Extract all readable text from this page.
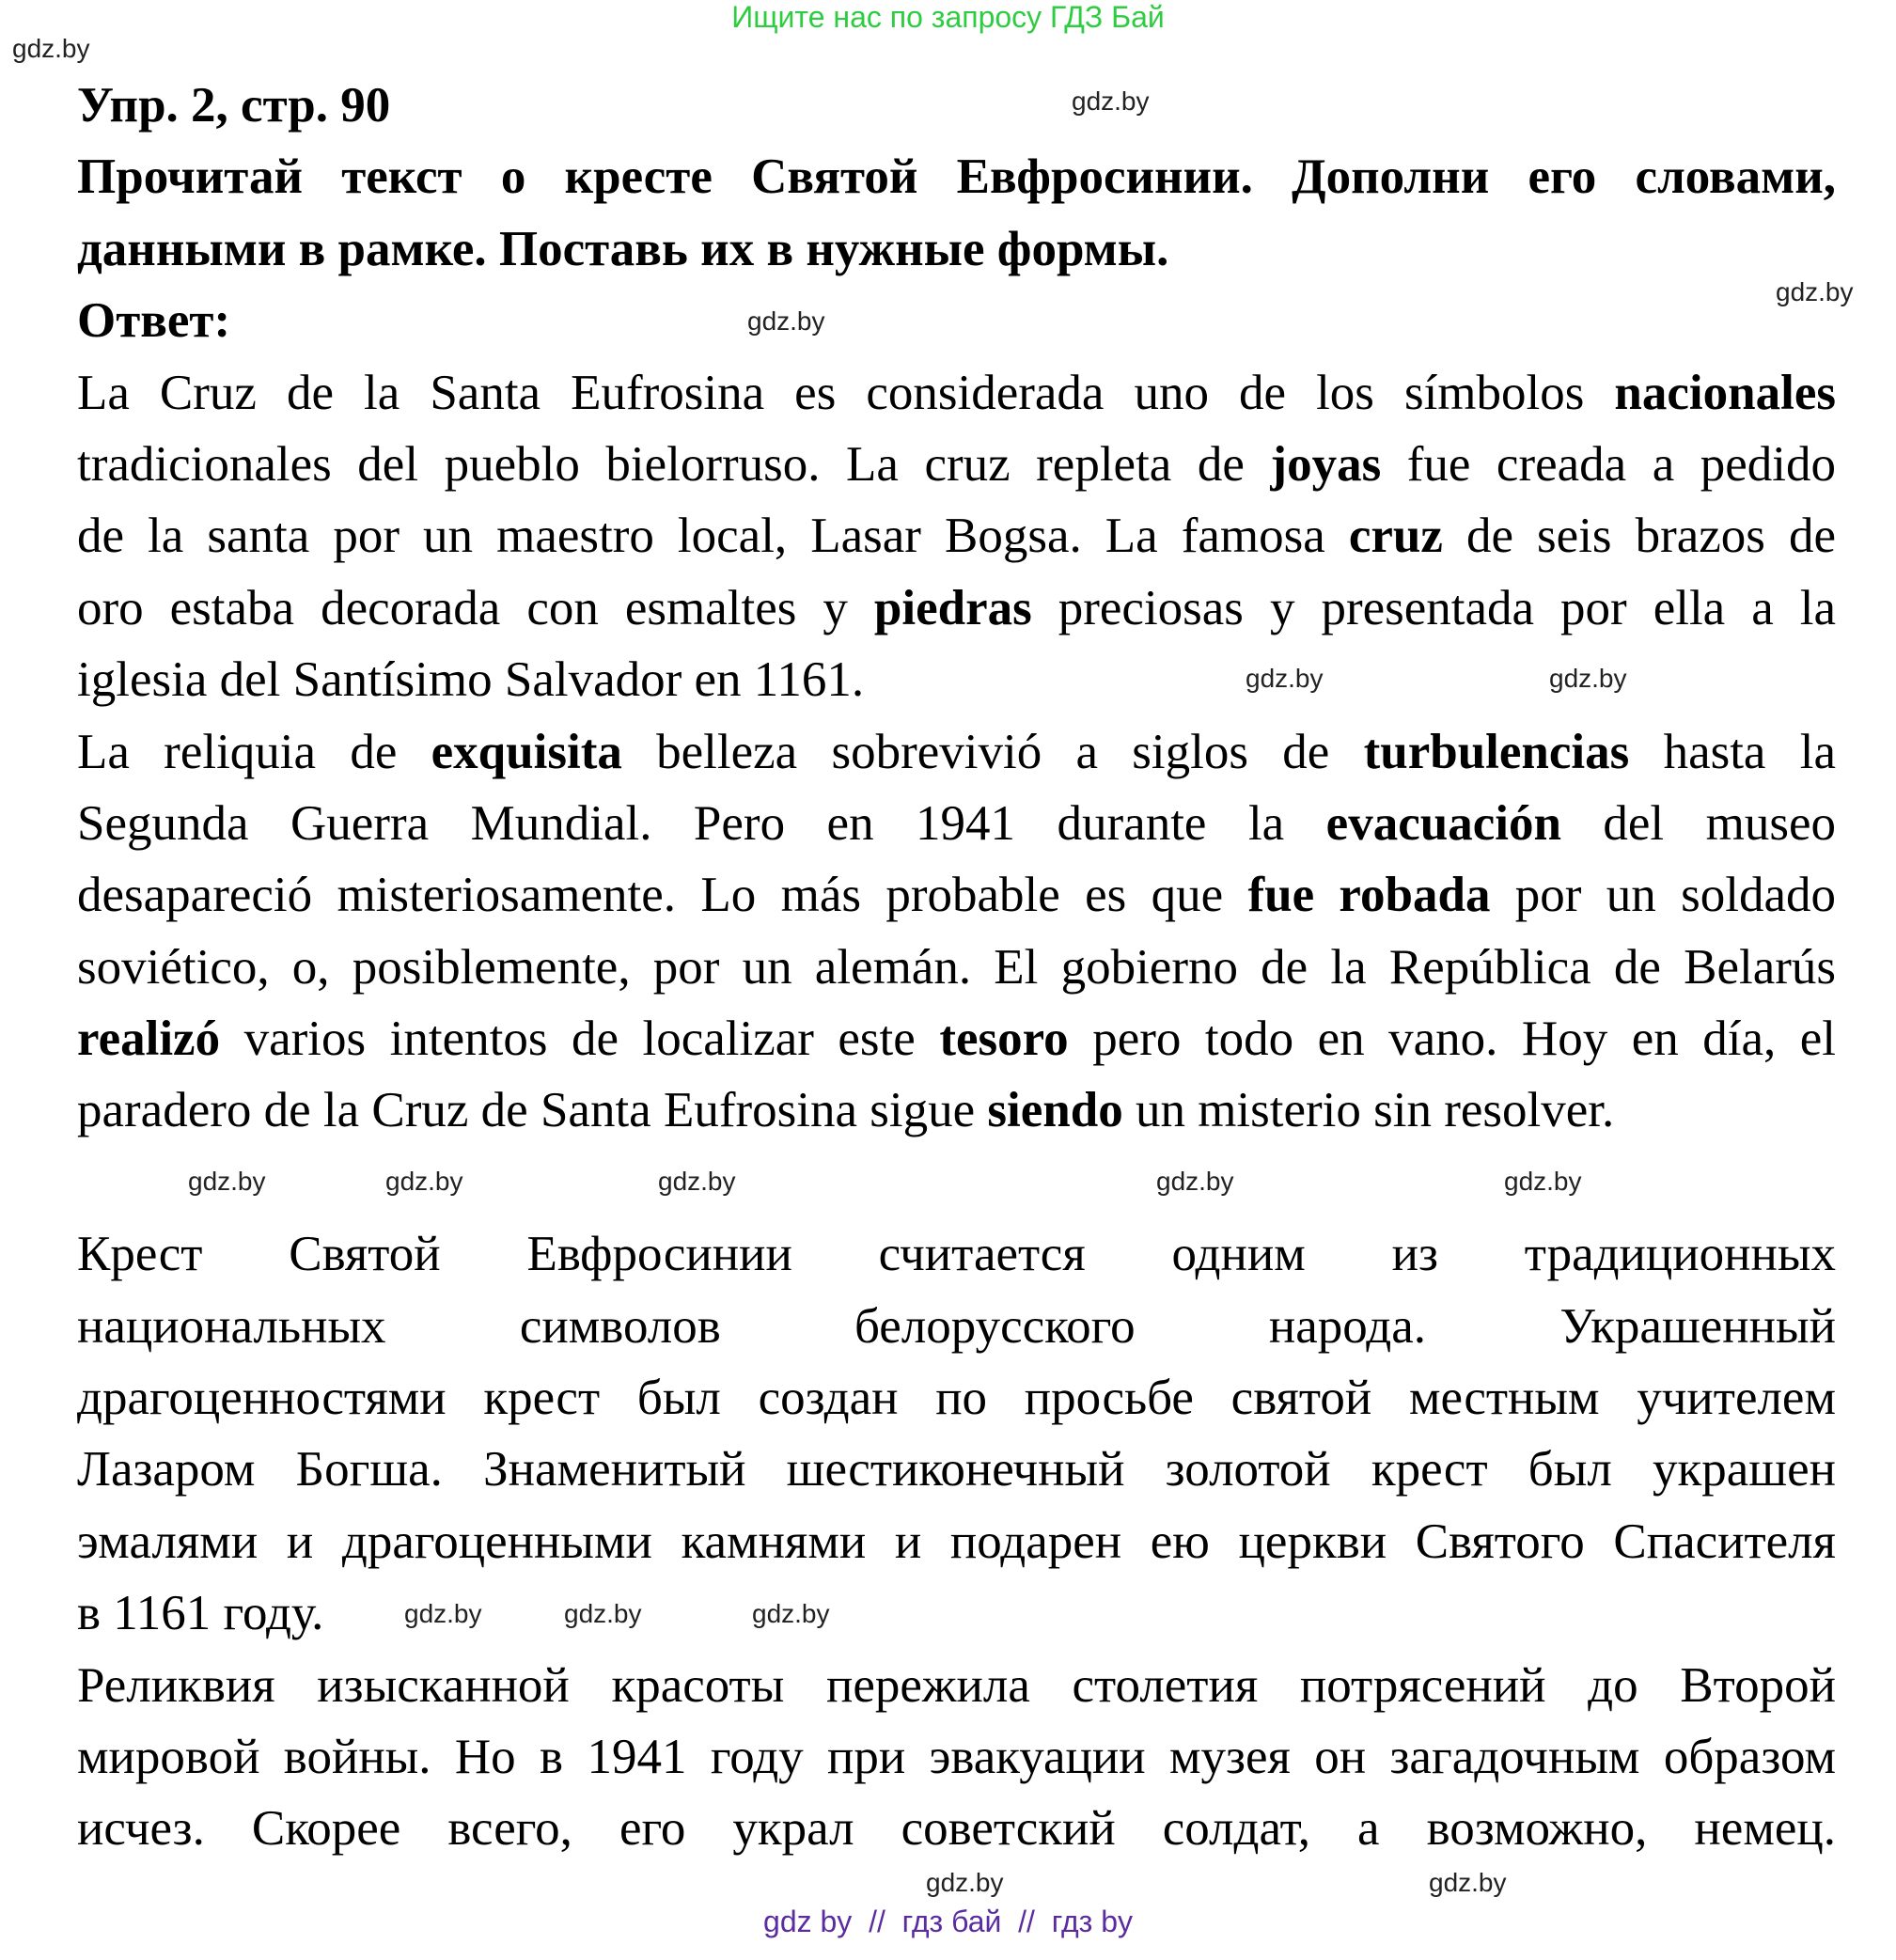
Ищите нас по запросу ГДЗ Бай
Упр. 2, стр. 90
Прочитай текст о кресте Святой Евфросинии. Дополни его словами,
данными в рамке. Поставь их в нужные формы.
Ответ:
La Cruz de la Santa Eufrosina es considerada uno de los símbolos nacionales
tradicionales del pueblo bielorruso. La cruz repleta de joyas fue creada a pedido
de la santa por un maestro local, Lasar Bogsa. La famosa cruz de seis brazos de
oro estaba decorada con esmaltes y piedras preciosas y presentada por ella a la
iglesia del Santísimo Salvador en 1161.
La reliquia de exquisita belleza sobrevivió a siglos de turbulencias hasta la
Segunda Guerra Mundial. Pero en 1941 durante la evacuación del museo
desapareció misteriosamente. Lo más probable es que fue robada por un soldado
soviético, o, posiblemente, por un alemán. El gobierno de la República de Belarús
realizó varios intentos de localizar este tesoro pero todo en vano. Hoy en día, el
paradero de la Cruz de Santa Eufrosina sigue siendo un misterio sin resolver.
Крест Святой Евфросинии считается одним из традиционных
национальных символов белорусского народа. Украшенный
драгоценностями крест был создан по просьбе святой местным учителем
Лазаром Богша. Знаменитый шестиконечный золотой крест был украшен
эмалями и драгоценными камнями и подарен ею церкви Святого Спасителя
в 1161 году.
Реликвия изысканной красоты пережила столетия потрясений до Второй
мировой войны. Но в 1941 году при эвакуации музея он загадочным образом
исчез. Скорее всего, его украл советский солдат, а возможно, немец.
gdz.by
gdz.by
gdz.by
gdz.by
gdz.by
gdz.by
gdz.by
gdz.by	gdz.by
gdz.by	gdz.by
gdz.by
gdz.by	gdz.by
gdz.by	gdz.by
gdz by  //  гдз бай  //  гдз by
